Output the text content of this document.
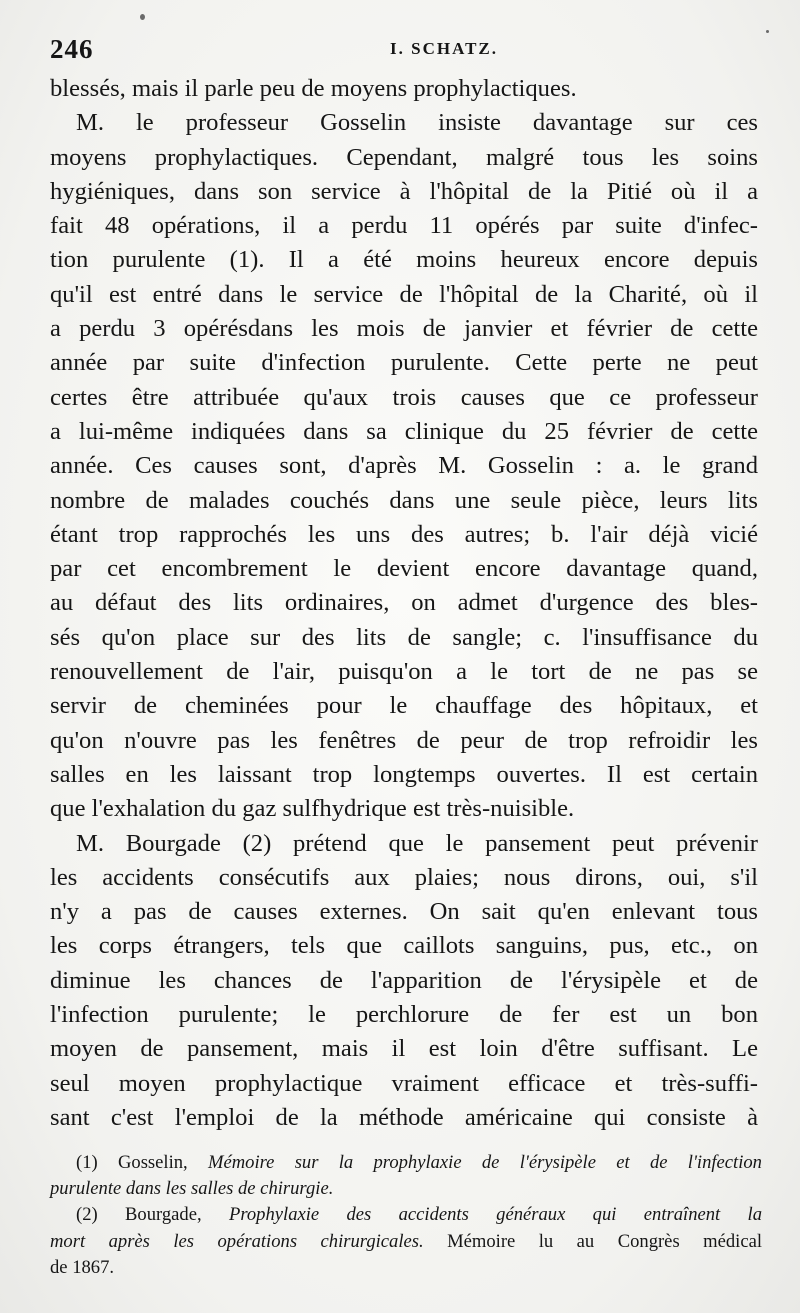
246	I. SCHATZ.
blessés, mais il parle peu de moyens prophylactiques.
M. le professeur Gosselin insiste davantage sur ces
moyens prophylactiques. Cependant, malgré tous les soins
hygiéniques, dans son service à l'hôpital de la Pitié où il a
fait 48 opérations, il a perdu 11 opérés par suite d'infec-
tion purulente (1). Il a été moins heureux encore depuis
qu'il est entré dans le service de l'hôpital de la Charité, où il
a perdu 3 opérésdans les mois de janvier et février de cette
année par suite d'infection purulente. Cette perte ne peut
certes être attribuée qu'aux trois causes que ce professeur
a lui-même indiquées dans sa clinique du 25 février de cette
année. Ces causes sont, d'après M. Gosselin : a. le grand
nombre de malades couchés dans une seule pièce, leurs lits
étant trop rapprochés les uns des autres; b. l'air déjà vicié
par cet encombrement le devient encore davantage quand,
au défaut des lits ordinaires, on admet d'urgence des bles-
sés qu'on place sur des lits de sangle; c. l'insuffisance du
renouvellement de l'air, puisqu'on a le tort de ne pas se
servir de cheminées pour le chauffage des hôpitaux, et
qu'on n'ouvre pas les fenêtres de peur de trop refroidir les
salles en les laissant trop longtemps ouvertes. Il est certain
que l'exhalation du gaz sulfhydrique est très-nuisible.
M. Bourgade (2) prétend que le pansement peut prévenir
les accidents consécutifs aux plaies; nous dirons, oui, s'il
n'y a pas de causes externes. On sait qu'en enlevant tous
les corps étrangers, tels que caillots sanguins, pus, etc., on
diminue les chances de l'apparition de l'érysipèle et de
l'infection purulente; le perchlorure de fer est un bon
moyen de pansement, mais il est loin d'être suffisant. Le
seul moyen prophylactique vraiment efficace et très-suffi-
sant c'est l'emploi de la méthode américaine qui consiste à
(1) Gosselin, Mémoire sur la prophylaxie de l'érysipèle et de l'infection
purulente dans les salles de chirurgie.
(2) Bourgade, Prophylaxie des accidents généraux qui entraînent la
mort après les opérations chirurgicales. Mémoire lu au Congrès médical
de 1867.
